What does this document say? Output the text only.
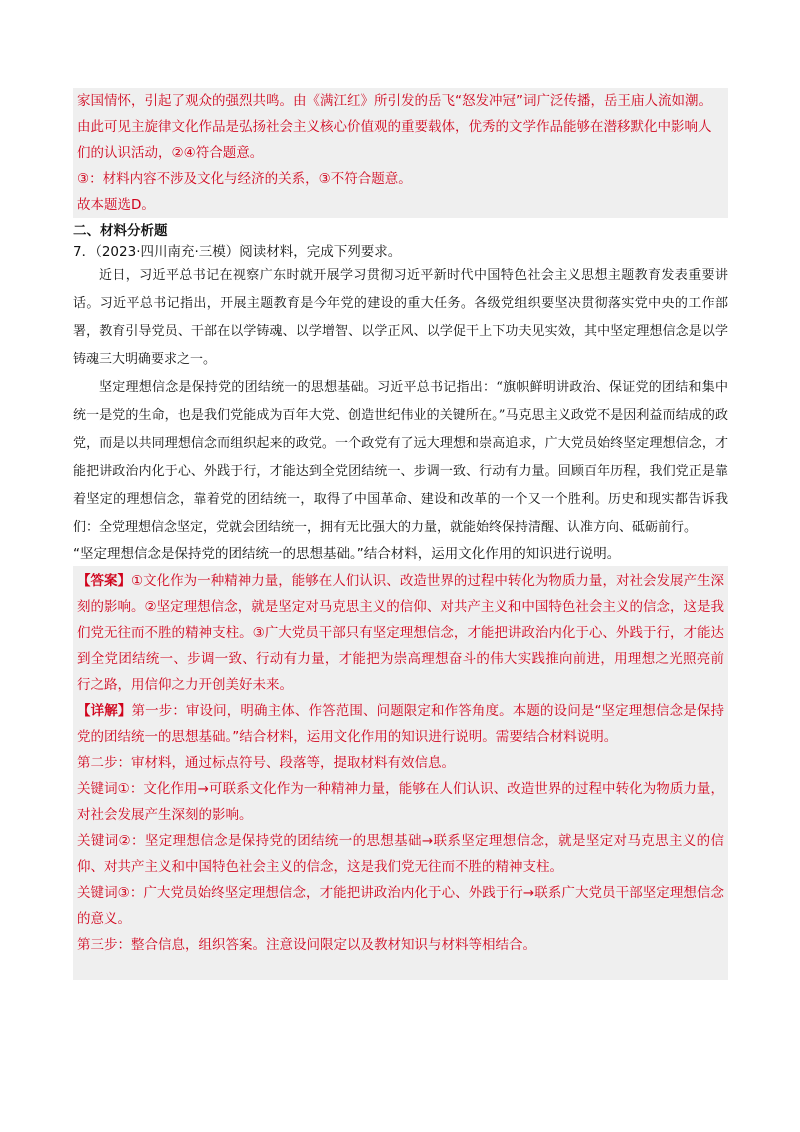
家国情怀，引起了观众的强烈共鸣。由《满江红》所引发的岳飞“怒发冲冠”词广泛传播，岳王庙人流如潮。由此可见主旋律文化作品是弘扬社会主义核心价值观的重要载体，优秀的文学作品能够在潜移默化中影响人们的认识活动，②④符合题意。
③：材料内容不涉及文化与经济的关系，③不符合题意。
故本题选D。
二、材料分析题
7．（2023·四川南充·三模）阅读材料，完成下列要求。

近日，习近平总书记在视察广东时就开展学习贯彻习近平新时代中国特色社会主义思想主题教育发表重要讲话。习近平总书记指出，开展主题教育是今年党的建设的重大任务。各级党组织要坚决贯彻落实党中央的工作部署，教育引导党员、干部在以学铸魂、以学增智、以学正风、以学促干上下功夫见实效，其中坚定理想信念是以学铸魂三大明确要求之一。

坚定理想信念是保持党的团结统一的思想基础。习近平总书记指出：“旗帜鲜明讲政治、保证党的团结和集中统一是党的生命，也是我们党能成为百年大党、创造世纪伟业的关键所在。”马克思主义政党不是因利益而结成的政党，而是以共同理想信念而组织起来的政党。一个政党有了远大理想和崇高追求，广大党员始终坚定理想信念，才能把讲政治内化于心、外践于行，才能达到全党团结统一、步调一致、行动有力量。回顾百年历程，我们党正是靠着坚定的理想信念，靠着党的团结统一，取得了中国革命、建设和改革的一个又一个胜利。历史和现实都告诉我们：全党理想信念坚定，党就会团结统一，拥有无比强大的力量，就能始终保持清醒、认准方向、砥砺前行。

“坚定理想信念是保持党的团结统一的思想基础。”结合材料，运用文化作用的知识进行说明。

【答案】①文化作为一种精神力量，能够在人们认识、改造世界的过程中转化为物质力量，对社会发展产生深刻的影响。②坚定理想信念，就是坚定对马克思主义的信仰、对共产主义和中国特色社会主义的信念，这是我们党无往而不胜的精神支柱。③广大党员干部只有坚定理想信念，才能把讲政治内化于心、外践于行，才能达到全党团结统一、步调一致、行动有力量，才能把为崇高理想奋斗的伟大实践推向前进，用理想之光照亮前行之路，用信仰之力开创美好未来。

【详解】第一步：审设问，明确主体、作答范围、问题限定和作答角度。本题的设问是“坚定理想信念是保持党的团结统一的思想基础。”结合材料，运用文化作用的知识进行说明。需要结合材料说明。

第二步：审材料，通过标点符号、段落等，提取材料有效信息。

关键词①：文化作用→可联系文化作为一种精神力量，能够在人们认识、改造世界的过程中转化为物质力量，对社会发展产生深刻的影响。

关键词②：坚定理想信念是保持党的团结统一的思想基础→联系坚定理想信念，就是坚定对马克思主义的信仰、对共产主义和中国特色社会主义的信念，这是我们党无往而不胜的精神支柱。

关键词③：广大党员始终坚定理想信念，才能把讲政治内化于心、外践于行→联系广大党员干部坚定理想信念的意义。

第三步：整合信息，组织答案。注意设问限定以及教材知识与材料等相结合。
